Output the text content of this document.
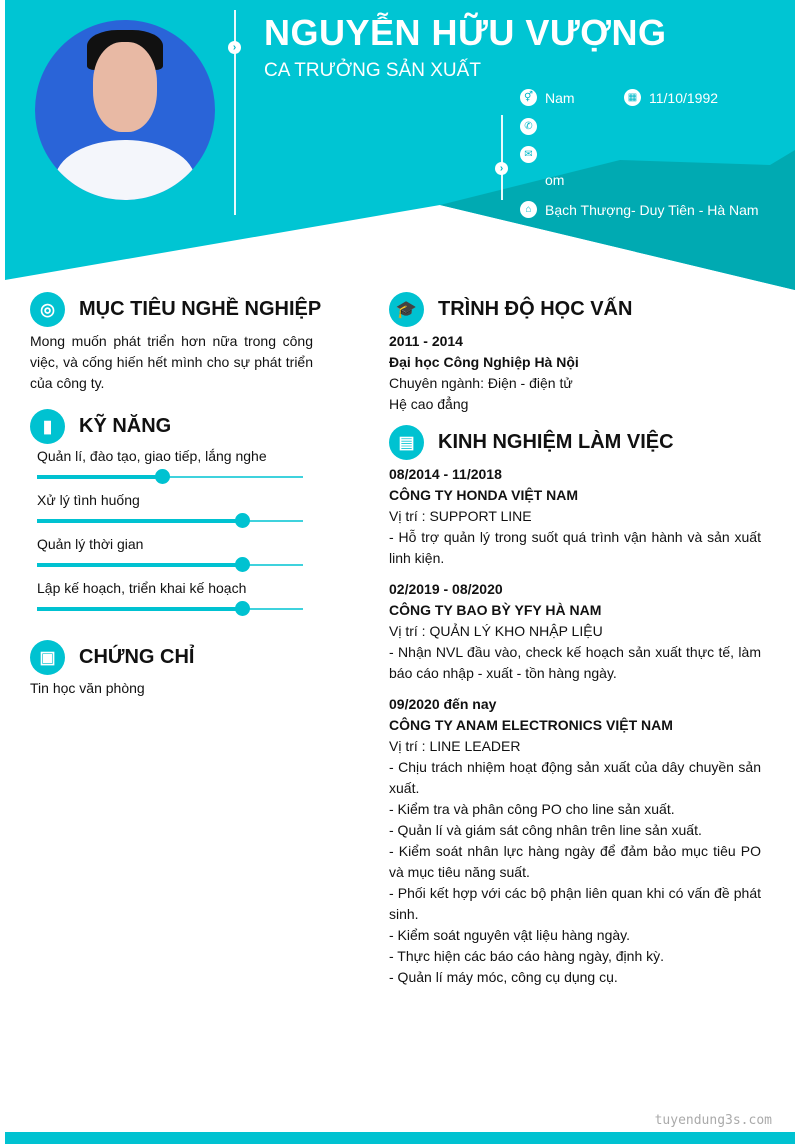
›
›
NGUYỄN HỮU VƯỢNG
CA TRƯỞNG SẢN XUẤT
⚥ Nam	▦ 11/10/1992
✆
✉
om
⌂ Bạch Thượng- Duy Tiên - Hà Nam
◎	MỤC TIÊU NGHỀ NGHIỆP
Mong muốn phát triển hơn nữa trong công việc, và cống hiến hết mình cho sự phát triển của công ty.
▮	KỸ NĂNG
Quản lí, đào tạo, giao tiếp, lắng nghe
Xử lý tình huống
Quản lý thời gian
Lập kế hoạch, triển khai kế hoạch
▣	CHỨNG CHỈ
Tin học văn phòng
🎓	TRÌNH ĐỘ HỌC VẤN
2011 - 2014
Đại học Công Nghiệp Hà Nội
Chuyên ngành: Điện - điện tử
Hệ cao đẳng
▤	KINH NGHIỆM LÀM VIỆC
08/2014 - 11/2018
CÔNG TY HONDA VIỆT NAM
Vị trí : SUPPORT LINE
- Hỗ trợ quản lý trong suốt quá trình vận hành và sản xuất linh kiện.
02/2019 - 08/2020
CÔNG TY BAO BỲ YFY HÀ NAM
Vị trí : QUẢN LÝ KHO NHẬP LIỆU
- Nhận NVL đầu vào, check kế hoạch sản xuất thực tế, làm báo cáo nhập - xuất - tồn hàng ngày.
09/2020 đến nay
CÔNG TY ANAM ELECTRONICS VIỆT NAM
Vị trí : LINE LEADER
- Chịu trách nhiệm hoạt động sản xuất của dây chuyền sản xuất.
- Kiểm tra và phân công PO cho line sản xuất.
- Quản lí và giám sát công nhân trên line sản xuất.
- Kiểm soát nhân lực hàng ngày để đảm bảo mục tiêu PO và mục tiêu năng suất.
- Phối kết hợp với các bộ phận liên quan khi có vấn đề phát sinh.
- Kiểm soát nguyên vật liệu hàng ngày.
- Thực hiện các báo cáo hàng ngày, định kỳ.
- Quản lí máy móc, công cụ dụng cụ.
tuyendung3s.com
